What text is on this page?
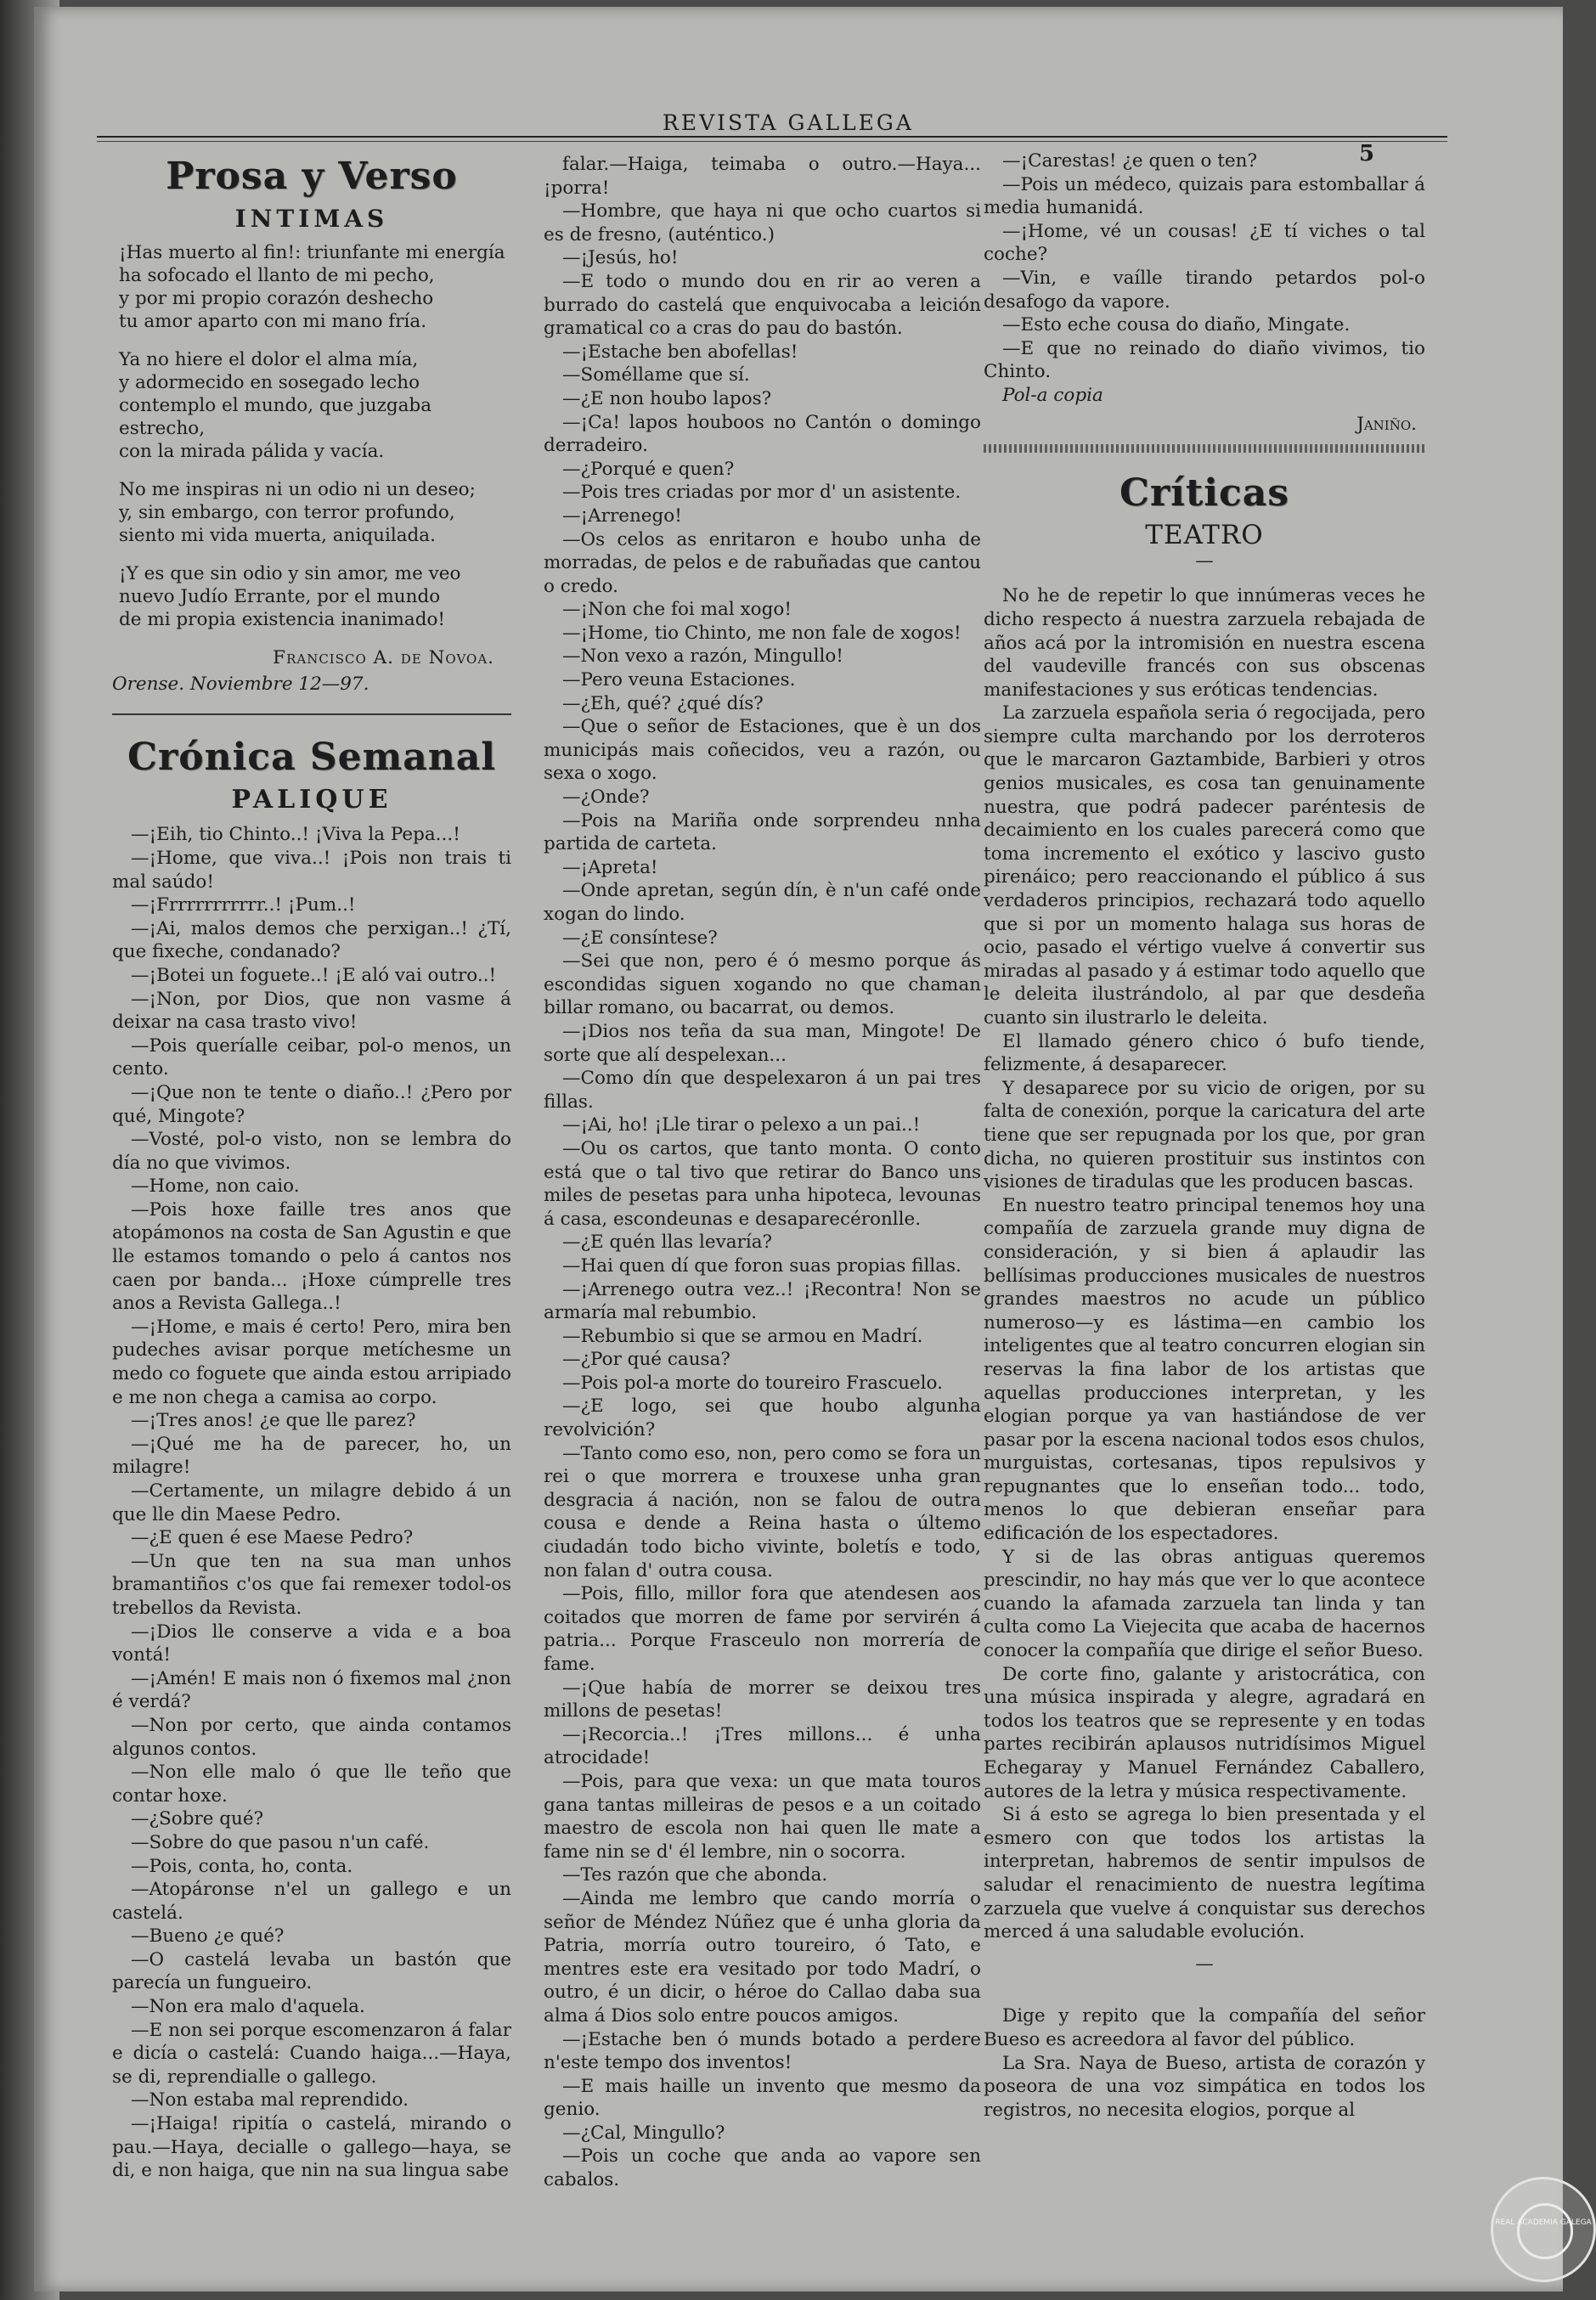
REVISTA GALLEGA
5
Prosa y Verso
INTIMAS
¡Has muerto al fin!: triunfante mi energía
ha sofocado el llanto de mi pecho,
y por mi propio corazón deshecho
tu amor aparto con mi mano fría.
Ya no hiere el dolor el alma mía,
y adormecido en sosegado lecho
contemplo el mundo, que juzgaba estrecho,
con la mirada pálida y vacía.
No me inspiras ni un odio ni un deseo;
y, sin embargo, con terror profundo,
siento mi vida muerta, aniquilada.
¡Y es que sin odio y sin amor, me veo
nuevo Judío Errante, por el mundo
de mi propia existencia inanimado!
Francisco A. de Novoa.
Orense. Noviembre 12—97.
Crónica Semanal
PALIQUE

—¡Eih, tio Chinto..! ¡Viva la Pepa...!

—¡Home, que viva..! ¡Pois non trais ti mal saúdo!

—¡Frrrrrrrrrrr..! ¡Pum..!

—¡Ai, malos demos che perxigan..! ¿Tí, que fixeche, condanado?

—¡Botei un foguete..! ¡E aló vai outro..!

—¡Non, por Dios, que non vasme á deixar na casa trasto vivo!

—Pois queríalle ceibar, pol-o menos, un cento.

—¡Que non te tente o diaño..! ¿Pero por qué, Mingote?

—Vosté, pol-o visto, non se lembra do día no que vivimos.

—Home, non caio.

—Pois hoxe faille tres anos que atopámonos na costa de San Agustin e que lle estamos tomando o pelo á cantos nos caen por banda... ¡Hoxe cúmprelle tres anos a Revista Gallega..!

—¡Home, e mais é certo! Pero, mira ben pudeches avisar porque metíchesme un medo co foguete que ainda estou arripiado e me non chega a camisa ao corpo.

—¡Tres anos! ¿e que lle parez?

—¡Qué me ha de parecer, ho, un milagre!

—Certamente, un milagre debido á un que lle din Maese Pedro.

—¿E quen é ese Maese Pedro?

—Un que ten na sua man unhos bramantiños c'os que fai remexer todol-os trebellos da Revista.

—¡Dios lle conserve a vida e a boa vontá!

—¡Amén! E mais non ó fixemos mal ¿non é verdá?

—Non por certo, que ainda contamos algunos contos.

—Non elle malo ó que lle teño que contar hoxe.

—¿Sobre qué?

—Sobre do que pasou n'un café.

—Pois, conta, ho, conta.

—Atopáronse n'el un gallego e un castelá.

—Bueno ¿e qué?

—O castelá levaba un bastón que parecía un fungueiro.

—Non era malo d'aquela.

—E non sei porque escomenzaron á falar e dicía o castelá: Cuando haiga...—Haya, se di, reprendialle o gallego.

—Non estaba mal reprendido.

—¡Haiga! ripitía o castelá, mirando o pau.—Haya, decialle o gallego—haya, se di, e non haiga, que nin na sua lingua sabe

falar.—Haiga, teimaba o outro.—Haya... ¡porra!

—Hombre, que haya ni que ocho cuartos si es de fresno, (auténtico.)

—¡Jesús, ho!

—E todo o mundo dou en rir ao veren a burrado do castelá que enquivocaba a leición gramatical co a cras do pau do bastón.

—¡Estache ben abofellas!

—Soméllame que sí.

—¿E non houbo lapos?

—¡Ca! lapos houboos no Cantón o domingo derradeiro.

—¿Porqué e quen?

—Pois tres criadas por mor d' un asistente.

—¡Arrenego!

—Os celos as enritaron e houbo unha de morradas, de pelos e de rabuñadas que cantou o credo.

—¡Non che foi mal xogo!

—¡Home, tio Chinto, me non fale de xogos!

—Non vexo a razón, Mingullo!

—Pero veuna Estaciones.

—¿Eh, qué? ¿qué dís?

—Que o señor de Estaciones, que è un dos municipás mais coñecidos, veu a razón, ou sexa o xogo.

—¿Onde?

—Pois na Mariña onde sorprendeu nnha partida de carteta.

—¡Apreta!

—Onde apretan, según dín, è n'un café onde xogan do lindo.

—¿E consíntese?

—Sei que non, pero é ó mesmo porque ás escondidas siguen xogando no que chaman billar romano, ou bacarrat, ou demos.

—¡Dios nos teña da sua man, Mingote! De sorte que alí despelexan...

—Como dín que despelexaron á un pai tres fillas.

—¡Ai, ho! ¡Lle tirar o pelexo a un pai..!

—Ou os cartos, que tanto monta. O conto está que o tal tivo que retirar do Banco uns miles de pesetas para unha hipoteca, levounas á casa, escondeunas e desaparecéronlle.

—¿E quén llas levaría?

—Hai quen dí que foron suas propias fillas.

—¡Arrenego outra vez..! ¡Recontra! Non se armaría mal rebumbio.

—Rebumbio si que se armou en Madrí.

—¿Por qué causa?

—Pois pol-a morte do toureiro Frascuelo.

—¿E logo, sei que houbo algunha revolvición?

—Tanto como eso, non, pero como se fora un rei o que morrera e trouxese unha gran desgracia á nación, non se falou de outra cousa e dende a Reina hasta o últemo ciudadán todo bicho vivinte, boletís e todo, non falan d' outra cousa.

—Pois, fillo, millor fora que atendesen aos coitados que morren de fame por servirén á patria... Porque Frasceulo non morrería de fame.

—¡Que había de morrer se deixou tres millons de pesetas!

—¡Recorcia..! ¡Tres millons... é unha atrocidade!

—Pois, para que vexa: un que mata touros gana tantas milleiras de pesos e a un coitado maestro de escola non hai quen lle mate a fame nin se d' él lembre, nin o socorra.

—Tes razón que che abonda.

—Ainda me lembro que cando morría o señor de Méndez Núñez que é unha gloria da Patria, morría outro toureiro, ó Tato, e mentres este era vesitado por todo Madrí, o outro, é un dicir, o héroe do Callao daba sua alma á Dios solo entre poucos amigos.

—¡Estache ben ó munds botado a perdere n'este tempo dos inventos!

—E mais haille un invento que mesmo da genio.

—¿Cal, Mingullo?

—Pois un coche que anda ao vapore sen cabalos.

—¡Carestas! ¿e quen o ten?

—Pois un médeco, quizais para estomballar á media humanidá.

—¡Home, vé un cousas! ¿E tí viches o tal coche?

—Vin, e vaílle tirando petardos pol-o desafogo da vapore.

—Esto eche cousa do diaño, Mingate.

—E que no reinado do diaño vivimos, tio Chinto.

Pol-a copia

Janiño.
Críticas
TEATRO
—

No he de repetir lo que innúmeras veces he dicho respecto á nuestra zarzuela rebajada de años acá por la intromisión en nuestra escena del vaudeville francés con sus obscenas manifestaciones y sus eróticas tendencias.

La zarzuela española seria ó regocijada, pero siempre culta marchando por los derroteros que le marcaron Gaztambide, Barbieri y otros genios musicales, es cosa tan genuinamente nuestra, que podrá padecer paréntesis de decaimiento en los cuales parecerá como que toma incremento el exótico y lascivo gusto pirenáico; pero reaccionando el público á sus verdaderos principios, rechazará todo aquello que si por un momento halaga sus horas de ocio, pasado el vértigo vuelve á convertir sus miradas al pasado y á estimar todo aquello que le deleita ilustrándolo, al par que desdeña cuanto sin ilustrarlo le deleita.

El llamado género chico ó bufo tiende, felizmente, á desaparecer.

Y desaparece por su vicio de origen, por su falta de conexión, porque la caricatura del arte tiene que ser repugnada por los que, por gran dicha, no quieren prostituir sus instintos con visiones de tiradulas que les producen bascas.

En nuestro teatro principal tenemos hoy una compañía de zarzuela grande muy digna de consideración, y si bien á aplaudir las bellísimas producciones musicales de nuestros grandes maestros no acude un público numeroso—y es lástima—en cambio los inteligentes que al teatro concurren elogian sin reservas la fina labor de los artistas que aquellas producciones interpretan, y les elogian porque ya van hastiándose de ver pasar por la escena nacional todos esos chulos, murguistas, cortesanas, tipos repulsivos y repugnantes que lo enseñan todo... todo, menos lo que debieran enseñar para edificación de los espectadores.

Y si de las obras antiguas queremos prescindir, no hay más que ver lo que acontece cuando la afamada zarzuela tan linda y tan culta como La Viejecita que acaba de hacernos conocer la compañía que dirige el señor Bueso.

De corte fino, galante y aristocrática, con una música inspirada y alegre, agradará en todos los teatros que se represente y en todas partes recibirán aplausos nutridísimos Miguel Echegaray y Manuel Fernández Caballero, autores de la letra y música respectivamente.

Si á esto se agrega lo bien presentada y el esmero con que todos los artistas la interpretan, habremos de sentir impulsos de saludar el renacimiento de nuestra legítima zarzuela que vuelve á conquistar sus derechos merced á una saludable evolución.

—

Dige y repito que la compañía del señor Bueso es acreedora al favor del público.

La Sra. Naya de Bueso, artista de corazón y poseora de una voz simpática en todos los registros, no necesita elogios, porque al

REAL ACADEMIA GALEGA
